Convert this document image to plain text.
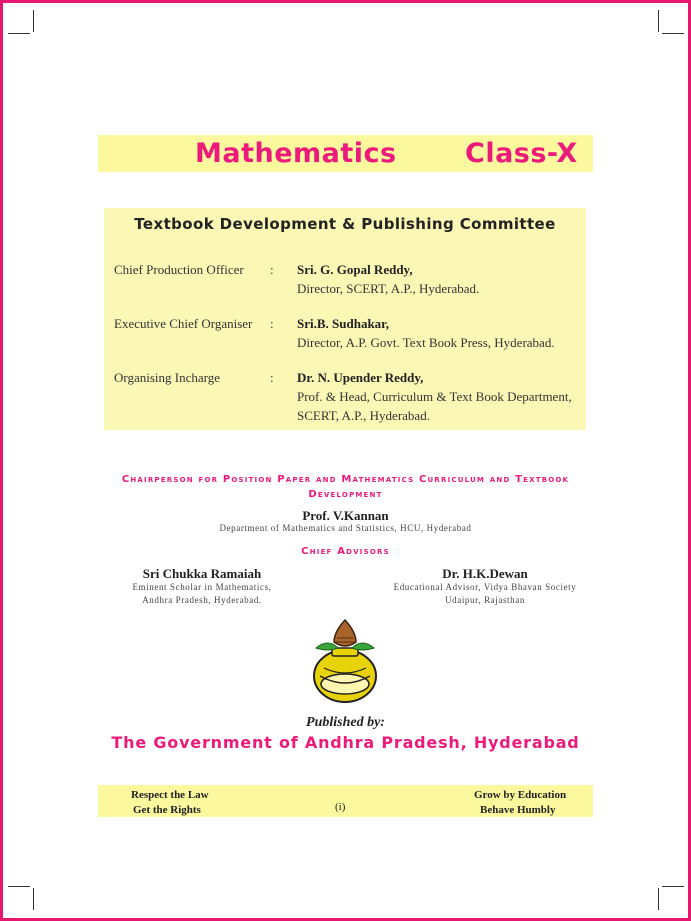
Mathematics	Class-X
Textbook Development & Publishing Committee
Chief Production Officer : Sri. G. Gopal Reddy,
Director, SCERT, A.P., Hyderabad.
Executive Chief Organiser : Sri.B. Sudhakar,
Director, A.P. Govt. Text Book Press, Hyderabad.
Organising Incharge	: Dr. N. Upender Reddy,
Prof. & Head, Curriculum & Text Book Department,
SCERT, A.P., Hyderabad.
Chairperson for Position Paper and Mathematics Curriculum and Textbook
Development
Prof. V.Kannan
Department of Mathematics and Statistics, HCU, Hyderabad
Chief Advisors
Sri Chukka Ramaiah
Eminent Scholar in Mathematics,
Andhra Pradesh, Hyderabad.
Dr. H.K.Dewan
Educational Advisor, Vidya Bhavan Society
Udaipur, Rajasthan
Published by:
The Government of Andhra Pradesh, Hyderabad
Respect the Law
Get the Rights	(i)
Grow by Education
Behave Humbly
